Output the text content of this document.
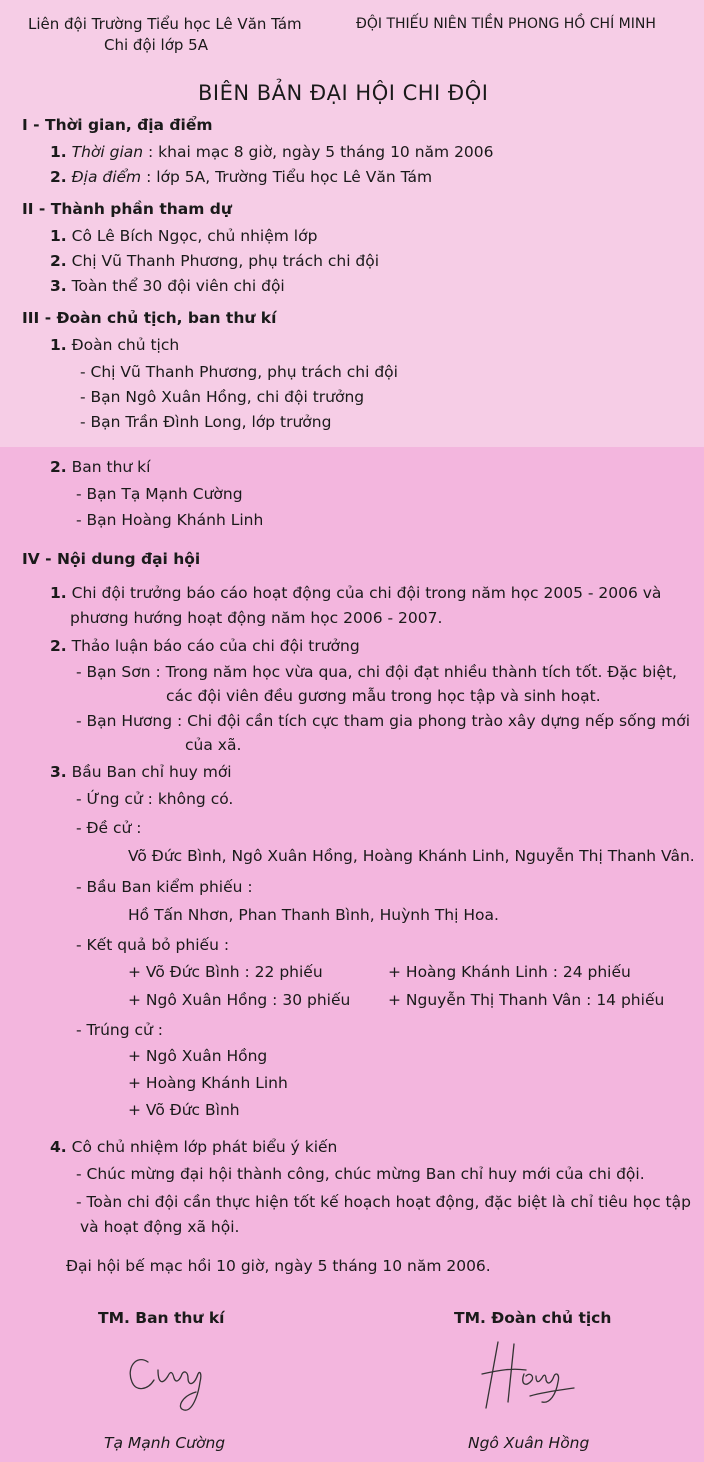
Liên đội Trường Tiểu học Lê Văn Tám
Chi đội lớp 5A
ĐỘI THIẾU NIÊN TIỀN PHONG HỒ CHÍ MINH
BIÊN BẢN ĐẠI HỘI CHI ĐỘI
I - Thời gian, địa điểm
1. Thời gian : khai mạc 8 giờ, ngày 5 tháng 10 năm 2006
2. Địa điểm : lớp 5A, Trường Tiểu học Lê Văn Tám
II - Thành phần tham dự
1. Cô Lê Bích Ngọc, chủ nhiệm lớp
2. Chị Vũ Thanh Phương, phụ trách chi đội
3. Toàn thể 30 đội viên chi đội
III - Đoàn chủ tịch, ban thư kí
1. Đoàn chủ tịch
- Chị Vũ Thanh Phương, phụ trách chi đội
- Bạn Ngô Xuân Hồng, chi đội trưởng
- Bạn Trần Đình Long, lớp trưởng
2. Ban thư kí
- Bạn Tạ Mạnh Cường
- Bạn Hoàng Khánh Linh
IV - Nội dung đại hội
1. Chi đội trưởng báo cáo hoạt động của chi đội trong năm học 2005 - 2006 và
phương hướng hoạt động năm học 2006 - 2007.
2. Thảo luận báo cáo của chi đội trưởng
- Bạn Sơn : Trong năm học vừa qua, chi đội đạt nhiều thành tích tốt. Đặc biệt,
các đội viên đều gương mẫu trong học tập và sinh hoạt.
- Bạn Hương : Chi đội cần tích cực tham gia phong trào xây dựng nếp sống mới
của xã.
3. Bầu Ban chỉ huy mới
- Ứng cử : không có.
- Đề cử :
Võ Đức Bình, Ngô Xuân Hồng, Hoàng Khánh Linh, Nguyễn Thị Thanh Vân.
- Bầu Ban kiểm phiếu :
Hồ Tấn Nhơn, Phan Thanh Bình, Huỳnh Thị Hoa.
- Kết quả bỏ phiếu :
+ Võ Đức Bình : 22 phiếu	+ Hoàng Khánh Linh : 24 phiếu
+ Ngô Xuân Hồng : 30 phiếu + Nguyễn Thị Thanh Vân : 14 phiếu
- Trúng cử :
+ Ngô Xuân Hồng
+ Hoàng Khánh Linh
+ Võ Đức Bình
4. Cô chủ nhiệm lớp phát biểu ý kiến
- Chúc mừng đại hội thành công, chúc mừng Ban chỉ huy mới của chi đội.
- Toàn chi đội cần thực hiện tốt kế hoạch hoạt động, đặc biệt là chỉ tiêu học tập
và hoạt động xã hội.
Đại hội bế mạc hồi 10 giờ, ngày 5 tháng 10 năm 2006.
TM. Ban thư kí	TM. Đoàn chủ tịch
Tạ Mạnh Cường	Ngô Xuân Hồng
